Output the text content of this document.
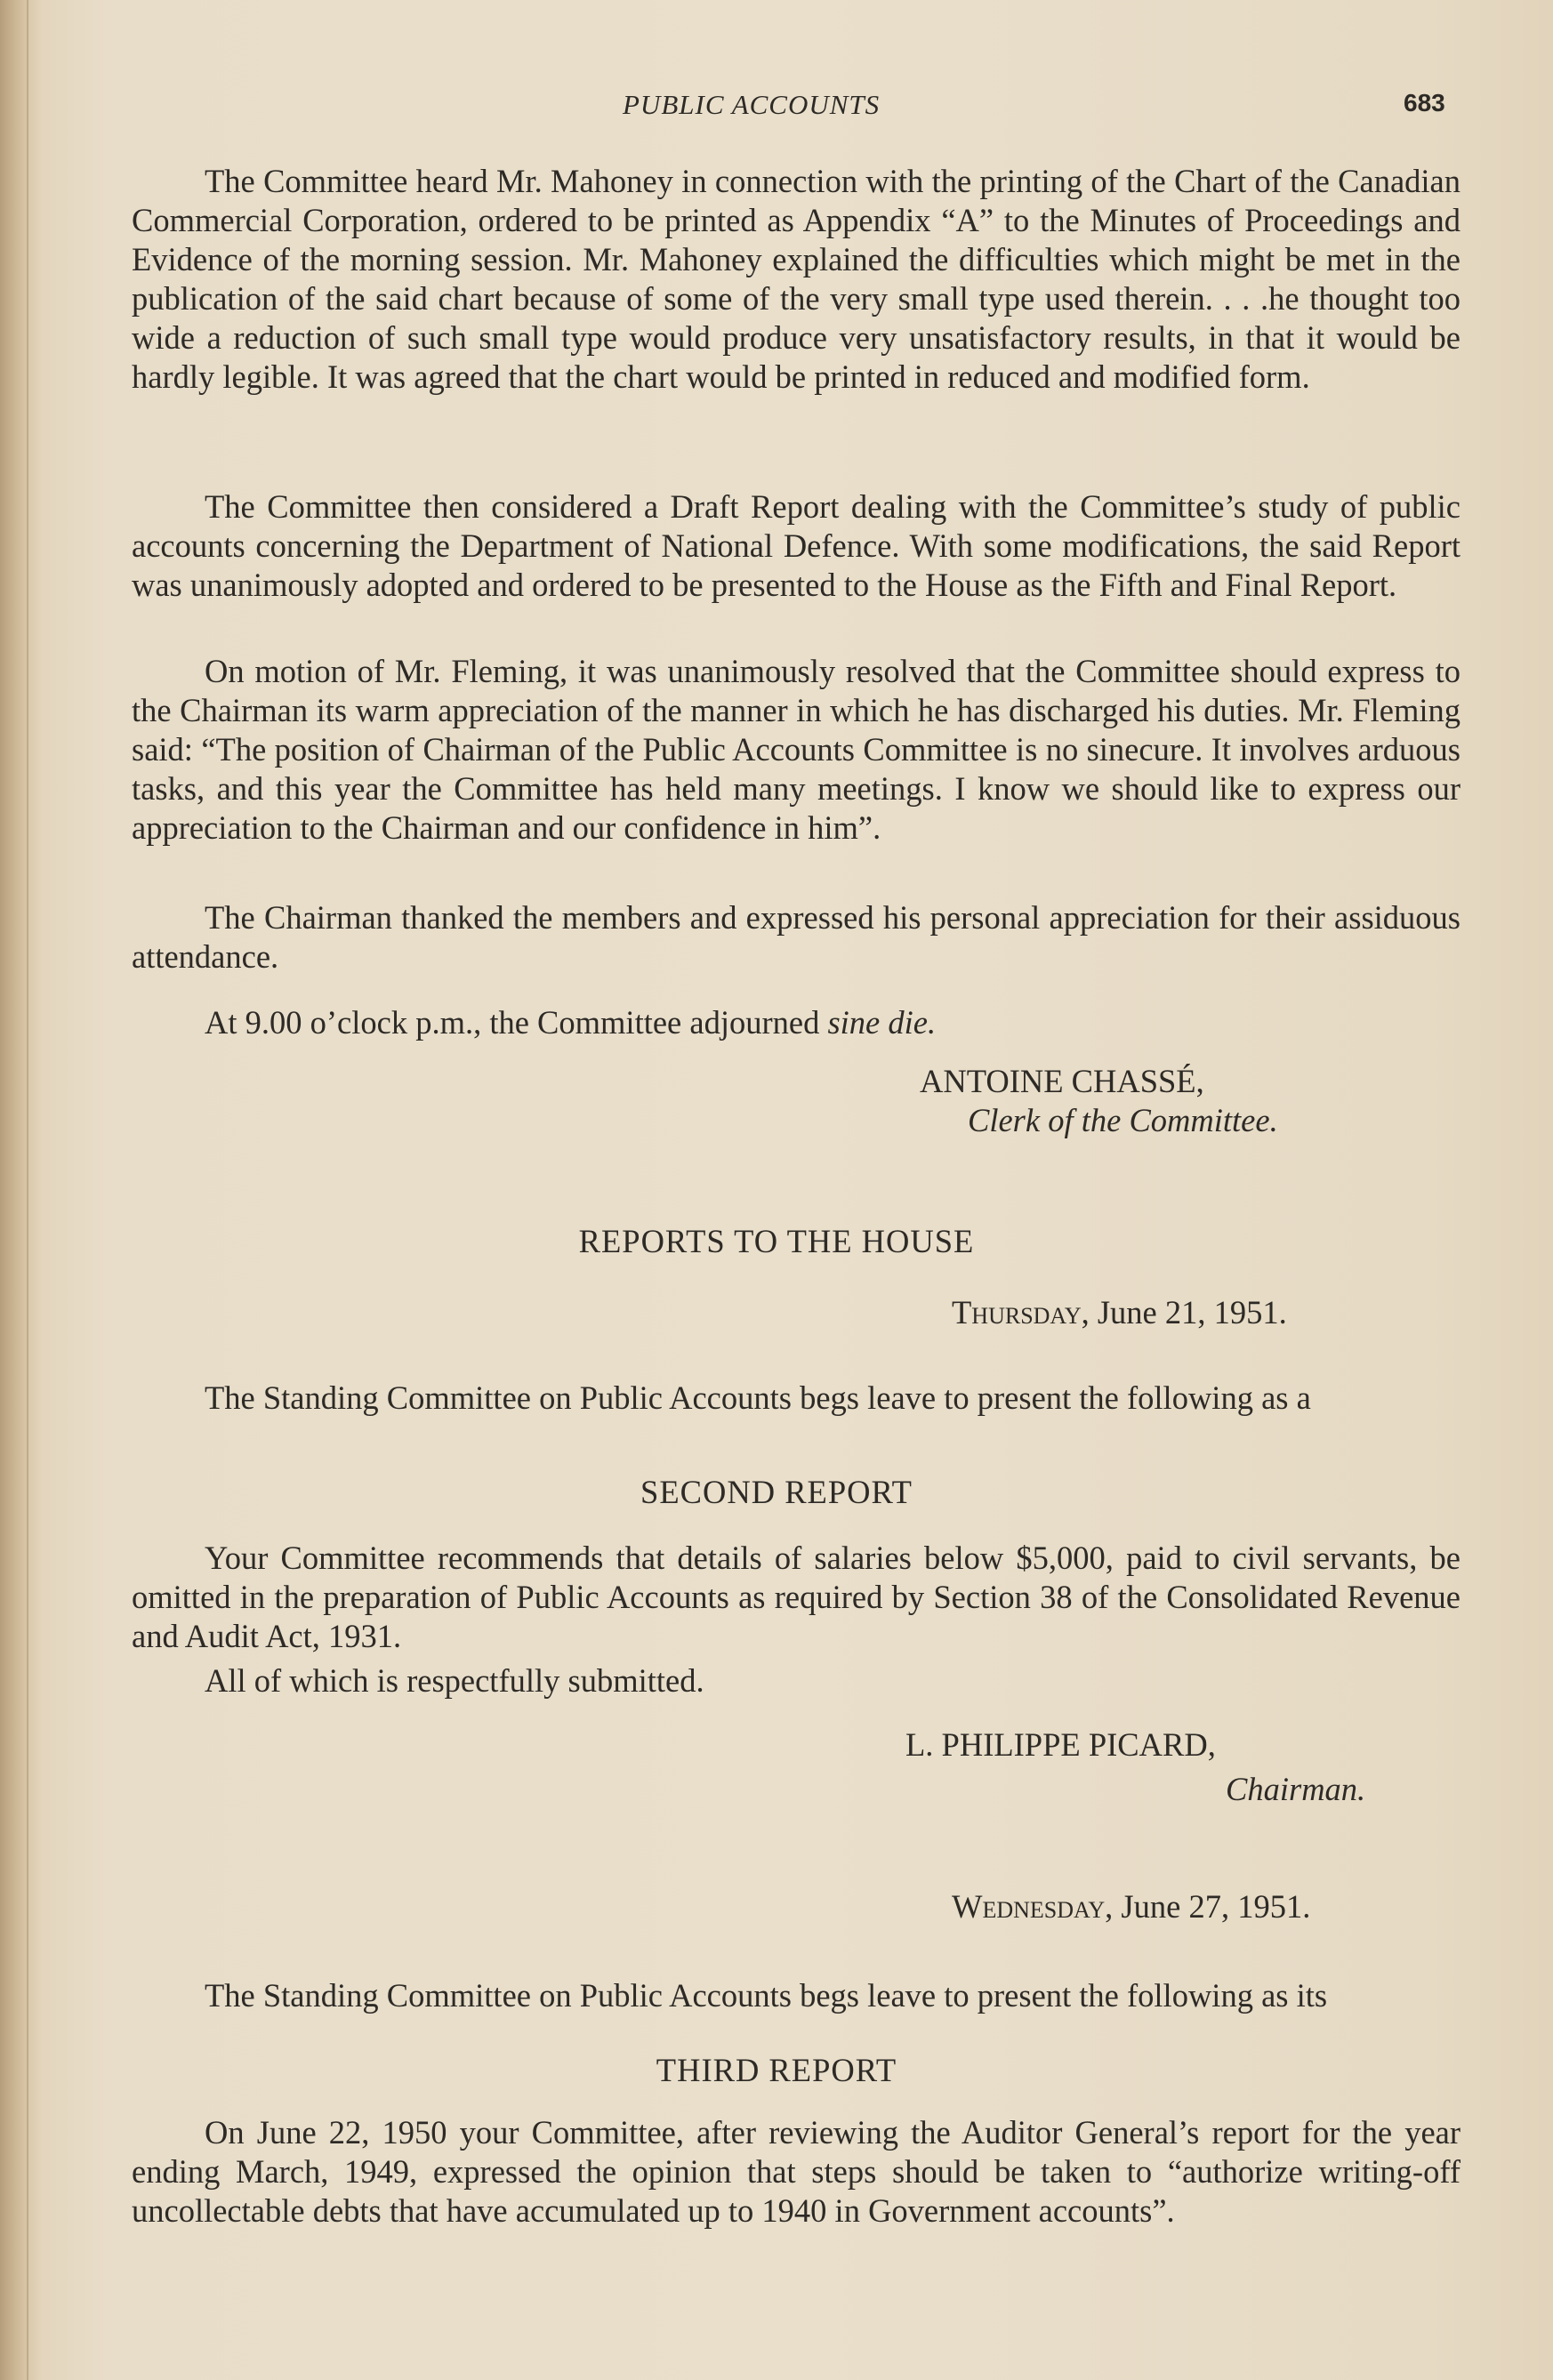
PUBLIC ACCOUNTS	683

The Committee heard Mr. Mahoney in connection with the printing of the Chart of the Canadian Commercial Corporation, ordered to be printed as Appendix “A” to the Minutes of Proceedings and Evidence of the morning session. Mr. Mahoney explained the difficulties which might be met in the publication of the said chart because of some of the very small type used therein. . . .he thought too wide a reduction of such small type would produce very unsatisfactory results, in that it would be hardly legible. It was agreed that the chart would be printed in reduced and modified form.

The Committee then considered a Draft Report dealing with the Committee’s study of public accounts concerning the Department of National Defence. With some modifications, the said Report was unanimously adopted and ordered to be presented to the House as the Fifth and Final Report.

On motion of Mr. Fleming, it was unanimously resolved that the Committee should express to the Chairman its warm appreciation of the manner in which he has discharged his duties. Mr. Fleming said: “The position of Chairman of the Public Accounts Committee is no sinecure. It involves arduous tasks, and this year the Committee has held many meetings. I know we should like to express our appreciation to the Chairman and our confidence in him”.

The Chairman thanked the members and expressed his personal appreciation for their assiduous attendance.

At 9.00 o’clock p.m., the Committee adjourned sine die.

ANTOINE CHASSÉ,
Clerk of the Committee.
REPORTS TO THE HOUSE
Thursday, June 21, 1951.

The Standing Committee on Public Accounts begs leave to present the following as a

SECOND REPORT

Your Committee recommends that details of salaries below $5,000, paid to civil servants, be omitted in the preparation of Public Accounts as required by Section 38 of the Consolidated Revenue and Audit Act, 1931.

All of which is respectfully submitted.

L. PHILIPPE PICARD,
Chairman.
Wednesday, June 27, 1951.

The Standing Committee on Public Accounts begs leave to present the following as its

THIRD REPORT

On June 22, 1950 your Committee, after reviewing the Auditor General’s report for the year ending March, 1949, expressed the opinion that steps should be taken to “authorize writing-off uncollectable debts that have accumulated up to 1940 in Government accounts”.
